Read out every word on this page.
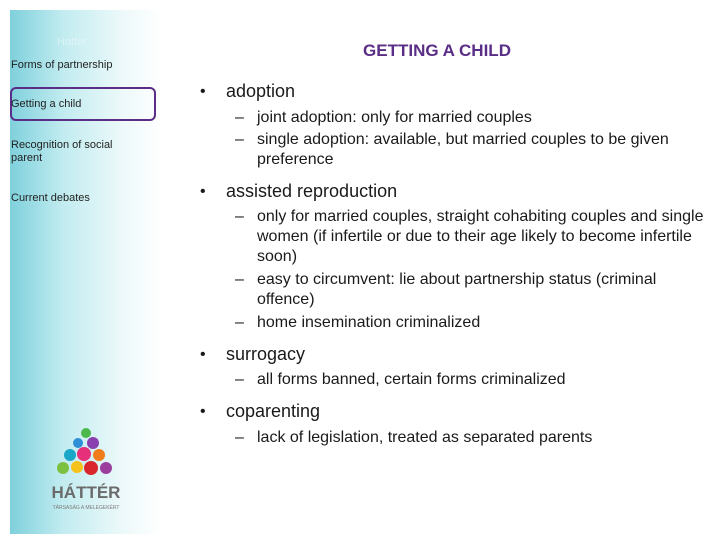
Hatter
Forms of partnership
Getting a child
Recognition of social parent
Current debates
HÁTTÉR
TÁRSASÁG A MELEGEKÉRT
GETTING A CHILD
• adoption
– joint adoption: only for married couples
– single adoption: available, but married couples to be given preference
• assisted reproduction
– only for married couples, straight cohabiting couples and single women (if infertile or due to their age likely to become infertile soon)
– easy to circumvent: lie about partnership status (criminal offence)
– home insemination criminalized
• surrogacy
– all forms banned, certain forms criminalized
• coparenting
– lack of legislation, treated as separated parents
